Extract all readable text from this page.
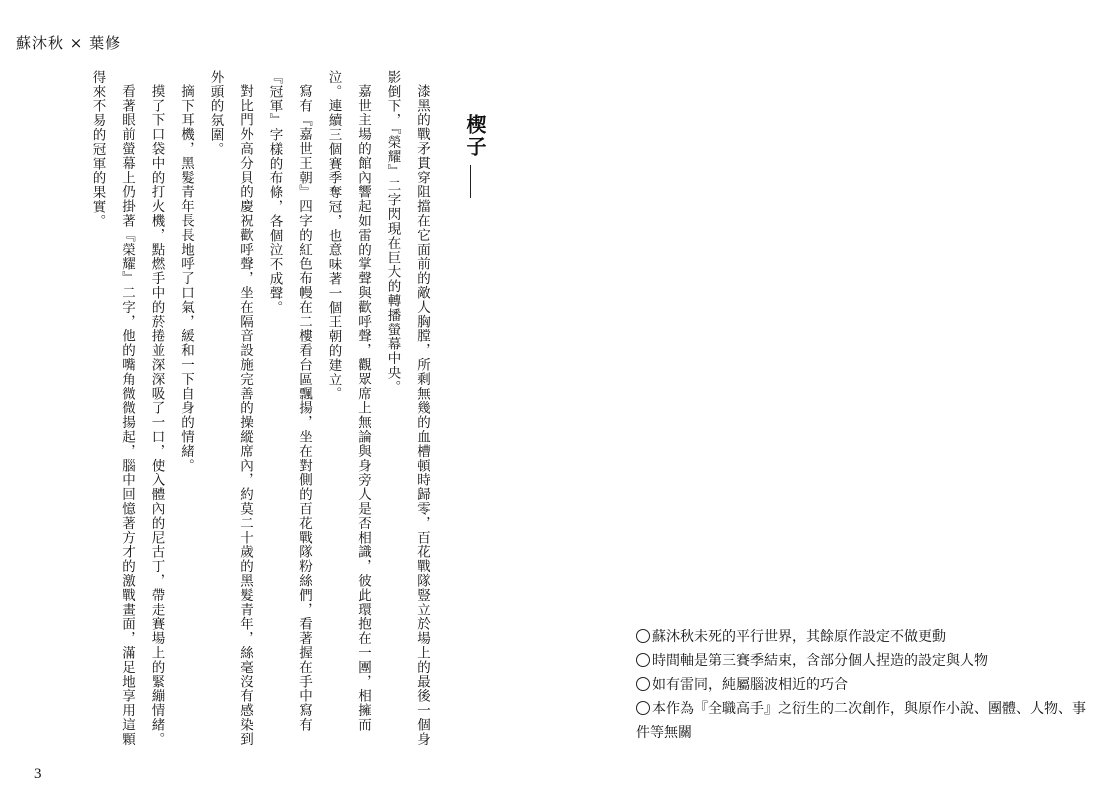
蘇沐秋 × 葉修
楔子

漆黑的戰矛貫穿阻擋在它面前的敵人胸膛，所剩無幾的血槽頓時歸零，百花戰隊豎立於場上的最後一個身影倒下，『榮耀』二字閃現在巨大的轉播螢幕中央。

嘉世主場的館內響起如雷的掌聲與歡呼聲，觀眾席上無論與身旁人是否相識，彼此環抱在一團，相擁而泣。連續三個賽季奪冠，也意味著一個王朝的建立。

寫有『嘉世王朝』四字的紅色布幔在二樓看台區飄揚，坐在對側的百花戰隊粉絲們，看著握在手中寫有『冠軍』字樣的布條，各個泣不成聲。

對比門外高分貝的慶祝歡呼聲，坐在隔音設施完善的操縱席內，約莫二十歲的黑髮青年，絲毫沒有感染到外頭的氛圍。

摘下耳機，黑髮青年長長地呼了口氣，緩和一下自身的情緒。

摸了下口袋中的打火機，點燃手中的菸捲並深深吸了一口，使入體內的尼古丁，帶走賽場上的緊繃情緒。

看著眼前螢幕上仍掛著『榮耀』二字，他的嘴角微微揚起，腦中回憶著方才的激戰畫面，滿足地享用這顆得來不易的冠軍的果實。

蘇沐秋未死的平行世界，其餘原作設定不做更動
時間軸是第三賽季結束，含部分個人捏造的設定與人物
如有雷同，純屬腦波相近的巧合
本作為『全職高手』之衍生的二次創作，與原作小說、團體、人物、事件等無關
3
